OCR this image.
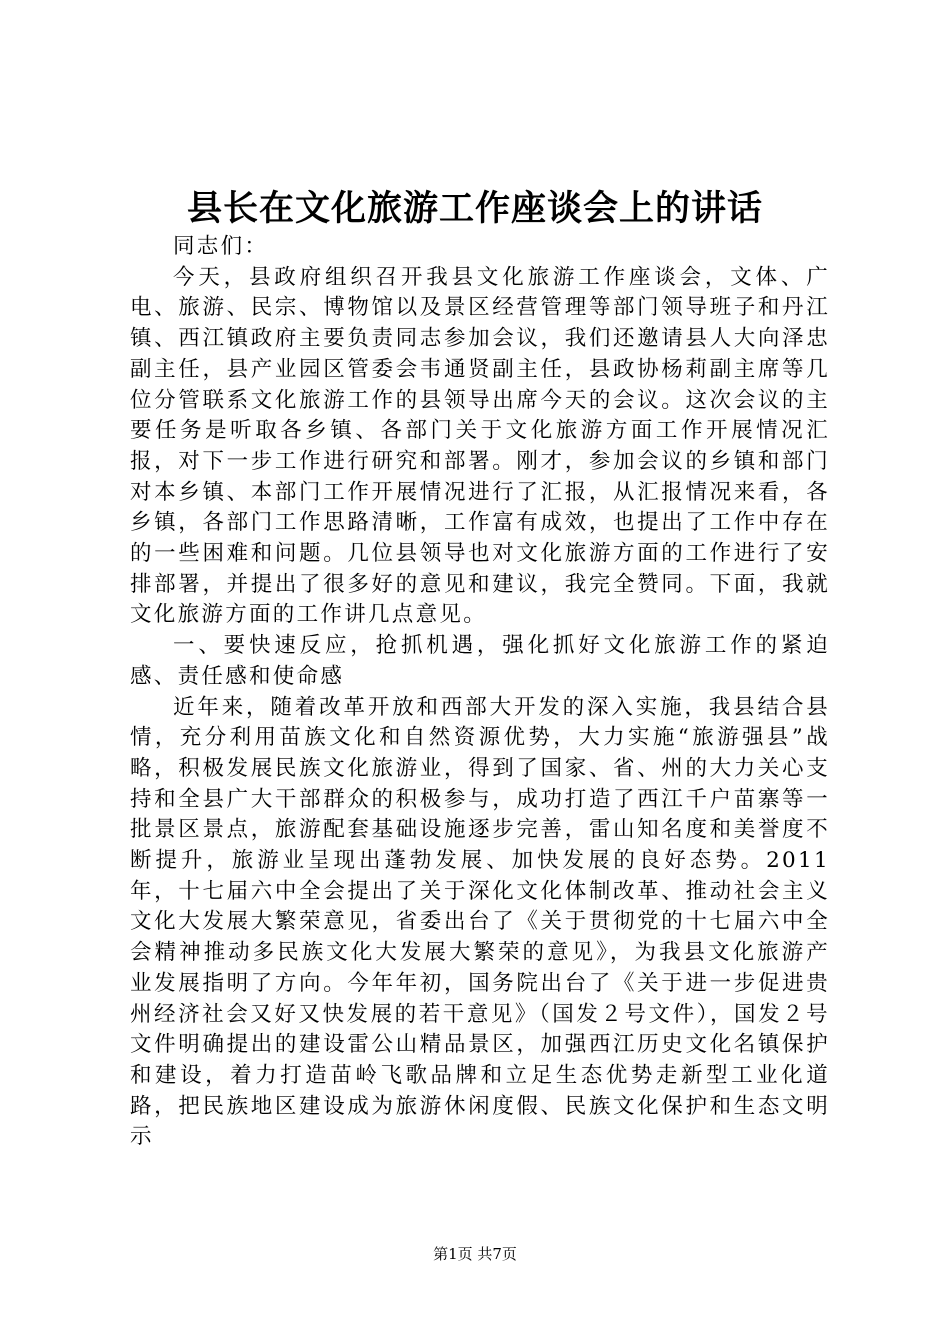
县长在文化旅游工作座谈会上的讲话

同志们：

今天，县政府组织召开我县文化旅游工作座谈会，文体、广电、旅游、民宗、博物馆以及景区经营管理等部门领导班子和丹江镇、西江镇政府主要负责同志参加会议，我们还邀请县人大向泽忠副主任，县产业园区管委会韦通贤副主任，县政协杨莉副主席等几位分管联系文化旅游工作的县领导出席今天的会议。这次会议的主要任务是听取各乡镇、各部门关于文化旅游方面工作开展情况汇报，对下一步工作进行研究和部署。刚才，参加会议的乡镇和部门对本乡镇、本部门工作开展情况进行了汇报，从汇报情况来看，各乡镇，各部门工作思路清晰，工作富有成效，也提出了工作中存在的一些困难和问题。几位县领导也对文化旅游方面的工作进行了安排部署，并提出了很多好的意见和建议，我完全赞同。下面，我就文化旅游方面的工作讲几点意见。

一、要快速反应，抢抓机遇，强化抓好文化旅游工作的紧迫感、责任感和使命感

近年来，随着改革开放和西部大开发的深入实施，我县结合县情，充分利用苗族文化和自然资源优势，大力实施“旅游强县”战略，积极发展民族文化旅游业，得到了国家、省、州的大力关心支持和全县广大干部群众的积极参与，成功打造了西江千户苗寨等一批景区景点，旅游配套基础设施逐步完善，雷山知名度和美誉度不断提升，旅游业呈现出蓬勃发展、加快发展的良好态势。2011年，十七届六中全会提出了关于深化文化体制改革、推动社会主义文化大发展大繁荣意见，省委出台了《关于贯彻党的十七届六中全会精神推动多民族文化大发展大繁荣的意见》，为我县文化旅游产业发展指明了方向。今年年初，国务院出台了《关于进一步促进贵州经济社会又好又快发展的若干意见》（国发２号文件），国发２号文件明确提出的建设雷公山精品景区，加强西江历史文化名镇保护和建设，着力打造苗岭飞歌品牌和立足生态优势走新型工业化道路，把民族地区建设成为旅游休闲度假、民族文化保护和生态文明示

第1页 共7页
